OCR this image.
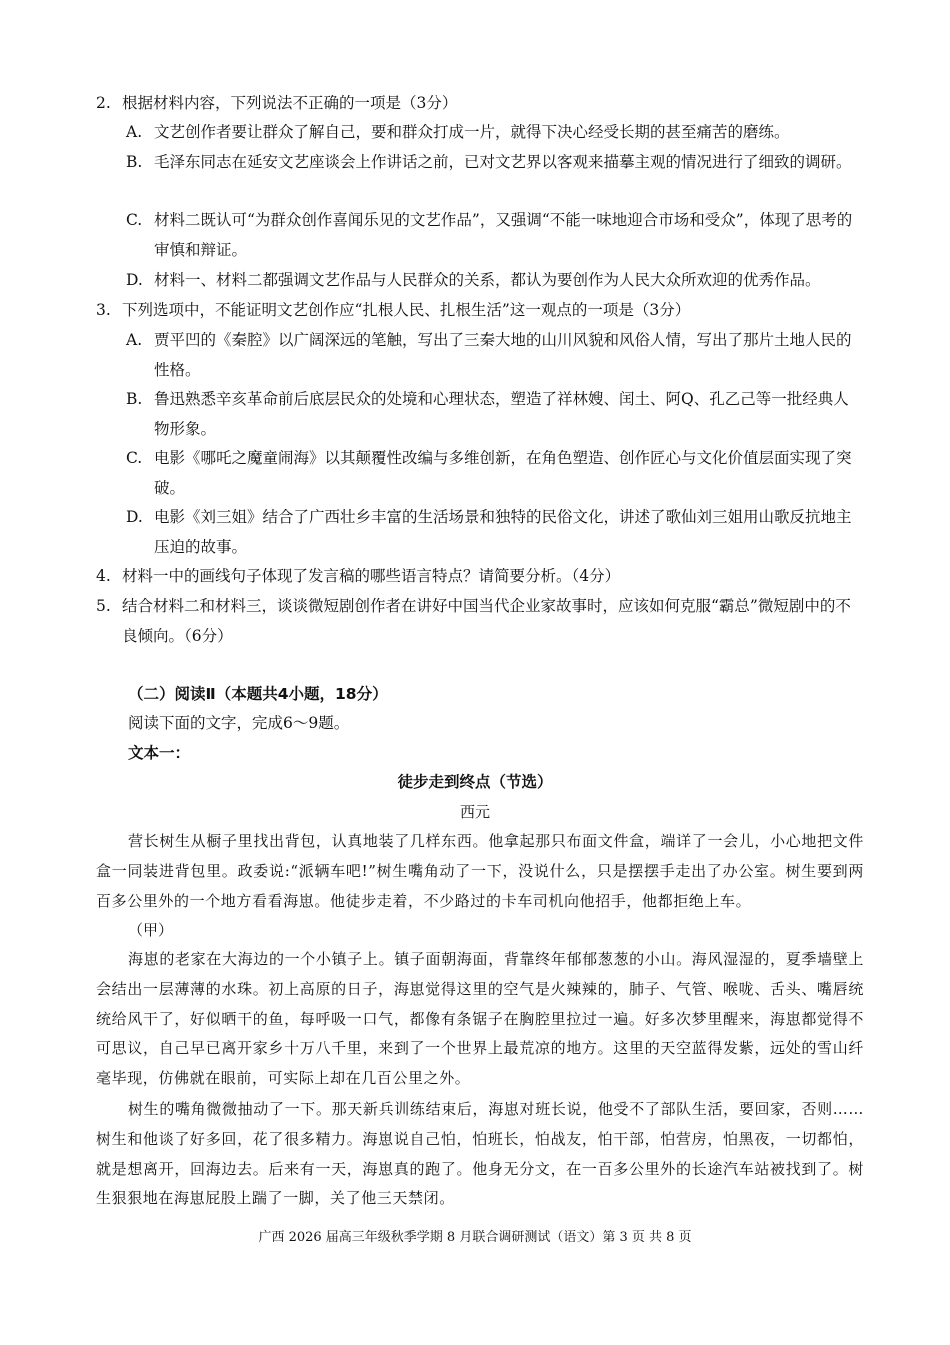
2. 根据材料内容，下列说法不正确的一项是（3分）
A. 文艺创作者要让群众了解自己，要和群众打成一片，就得下决心经受长期的甚至痛苦的磨练。
B. 毛泽东同志在延安文艺座谈会上作讲话之前，已对文艺界以客观来描摹主观的情况进行了细致的调研。
C. 材料二既认可“为群众创作喜闻乐见的文艺作品”，又强调“不能一味地迎合市场和受众”，体现了思考的审慎和辩证。
D. 材料一、材料二都强调文艺作品与人民群众的关系，都认为要创作为人民大众所欢迎的优秀作品。
3. 下列选项中，不能证明文艺创作应“扎根人民、扎根生活”这一观点的一项是（3分）
A. 贾平凹的《秦腔》以广阔深远的笔触，写出了三秦大地的山川风貌和风俗人情，写出了那片土地人民的性格。
B. 鲁迅熟悉辛亥革命前后底层民众的处境和心理状态，塑造了祥林嫂、闰土、阿Q、孔乙己等一批经典人物形象。
C. 电影《哪吒之魔童闹海》以其颠覆性改编与多维创新，在角色塑造、创作匠心与文化价值层面实现了突破。
D. 电影《刘三姐》结合了广西壮乡丰富的生活场景和独特的民俗文化，讲述了歌仙刘三姐用山歌反抗地主压迫的故事。
4. 材料一中的画线句子体现了发言稿的哪些语言特点？请简要分析。（4分）
5. 结合材料二和材料三，谈谈微短剧创作者在讲好中国当代企业家故事时，应该如何克服“霸总”微短剧中的不良倾向。（6分）
（二）阅读Ⅱ（本题共4小题，18分）
阅读下面的文字，完成6～9题。
文本一：
徒步走到终点（节选）
西元
营长树生从橱子里找出背包，认真地装了几样东西。他拿起那只布面文件盒，端详了一会儿，小心地把文件盒一同装进背包里。政委说:“派辆车吧!”树生嘴角动了一下，没说什么，只是摆摆手走出了办公室。树生要到两百多公里外的一个地方看看海崽。他徒步走着，不少路过的卡车司机向他招手，他都拒绝上车。
（甲）
海崽的老家在大海边的一个小镇子上。镇子面朝海面，背靠终年郁郁葱葱的小山。海风湿湿的，夏季墙壁上会结出一层薄薄的水珠。初上高原的日子，海崽觉得这里的空气是火辣辣的，肺子、气管、喉咙、舌头、嘴唇统统给风干了，好似晒干的鱼，每呼吸一口气，都像有条锯子在胸腔里拉过一遍。好多次梦里醒来，海崽都觉得不可思议，自己早已离开家乡十万八千里，来到了一个世界上最荒凉的地方。这里的天空蓝得发紫，远处的雪山纤毫毕现，仿佛就在眼前，可实际上却在几百公里之外。
树生的嘴角微微抽动了一下。那天新兵训练结束后，海崽对班长说，他受不了部队生活，要回家，否则……树生和他谈了好多回，花了很多精力。海崽说自己怕，怕班长，怕战友，怕干部，怕营房，怕黑夜，一切都怕，就是想离开，回海边去。后来有一天，海崽真的跑了。他身无分文，在一百多公里外的长途汽车站被找到了。树生狠狠地在海崽屁股上踹了一脚，关了他三天禁闭。
广西 2026 届高三年级秋季学期 8 月联合调研测试（语文）第 3 页 共 8 页
